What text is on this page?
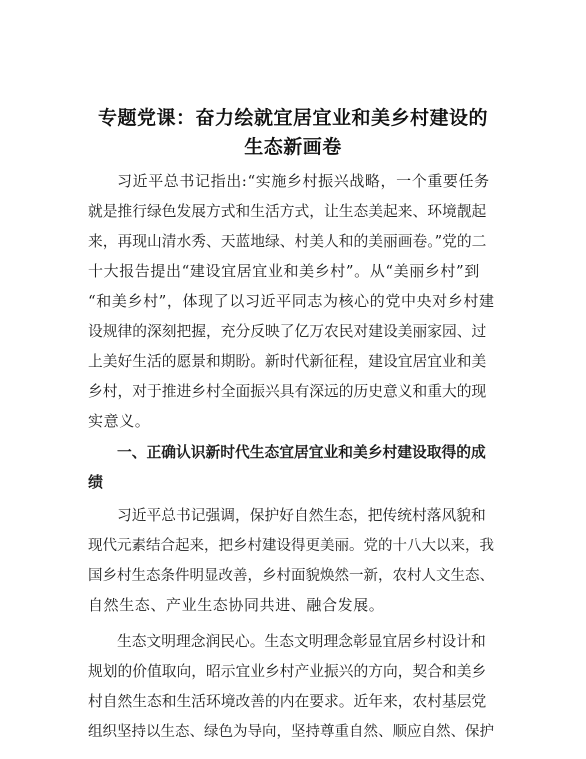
专题党课：奋力绘就宜居宜业和美乡村建设的
生态新画卷
习近平总书记指出:“实施乡村振兴战略，一个重要任务
就是推行绿色发展方式和生活方式，让生态美起来、环境靓起
来，再现山清水秀、天蓝地绿、村美人和的美丽画卷。”党的二
十大报告提出“建设宜居宜业和美乡村”。从“美丽乡村”到
“和美乡村”，体现了以习近平同志为核心的党中央对乡村建
设规律的深刻把握，充分反映了亿万农民对建设美丽家园、过
上美好生活的愿景和期盼。新时代新征程，建设宜居宜业和美
乡村，对于推进乡村全面振兴具有深远的历史意义和重大的现
实意义。
一、正确认识新时代生态宜居宜业和美乡村建设取得的成
绩
习近平总书记强调，保护好自然生态，把传统村落风貌和
现代元素结合起来，把乡村建设得更美丽。党的十八大以来，我
国乡村生态条件明显改善，乡村面貌焕然一新，农村人文生态、
自然生态、产业生态协同共进、融合发展。
生态文明理念润民心。生态文明理念彰显宜居乡村设计和
规划的价值取向，昭示宜业乡村产业振兴的方向，契合和美乡
村自然生态和生活环境改善的内在要求。近年来，农村基层党
组织坚持以生态、绿色为导向，坚持尊重自然、顺应自然、保护
